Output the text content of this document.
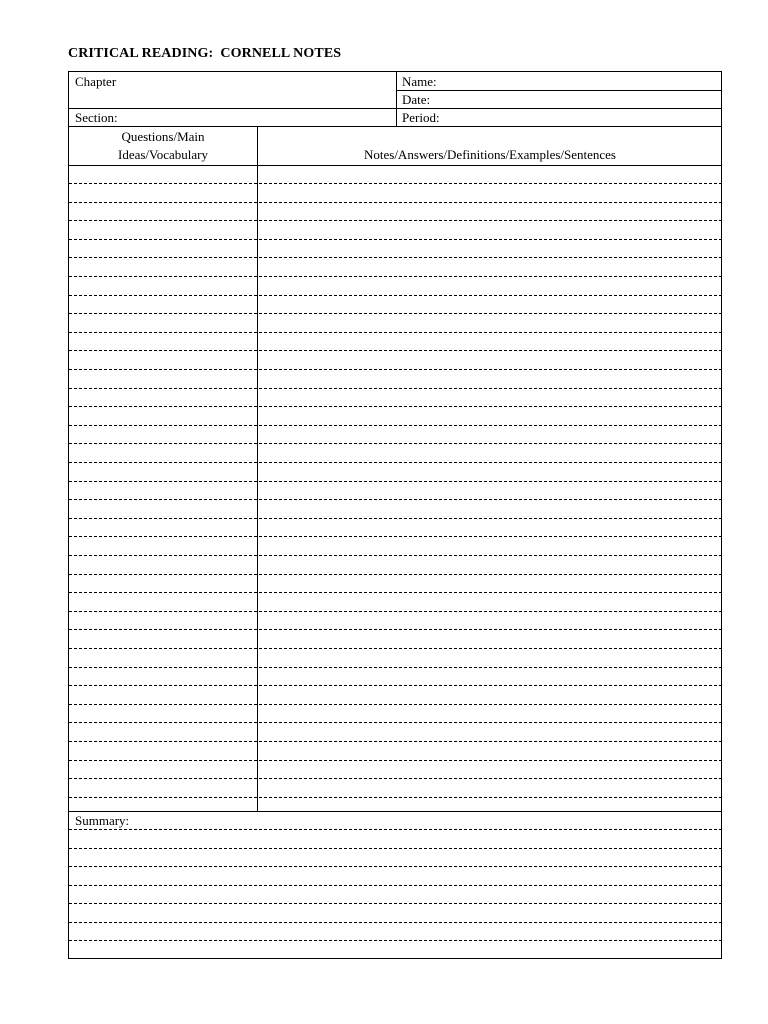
CRITICAL READING:  CORNELL NOTES
Chapter	Name:
Date:
Section:	Period:
Questions/Main
Ideas/Vocabulary	Notes/Answers/Definitions/Examples/Sentences
Summary:
